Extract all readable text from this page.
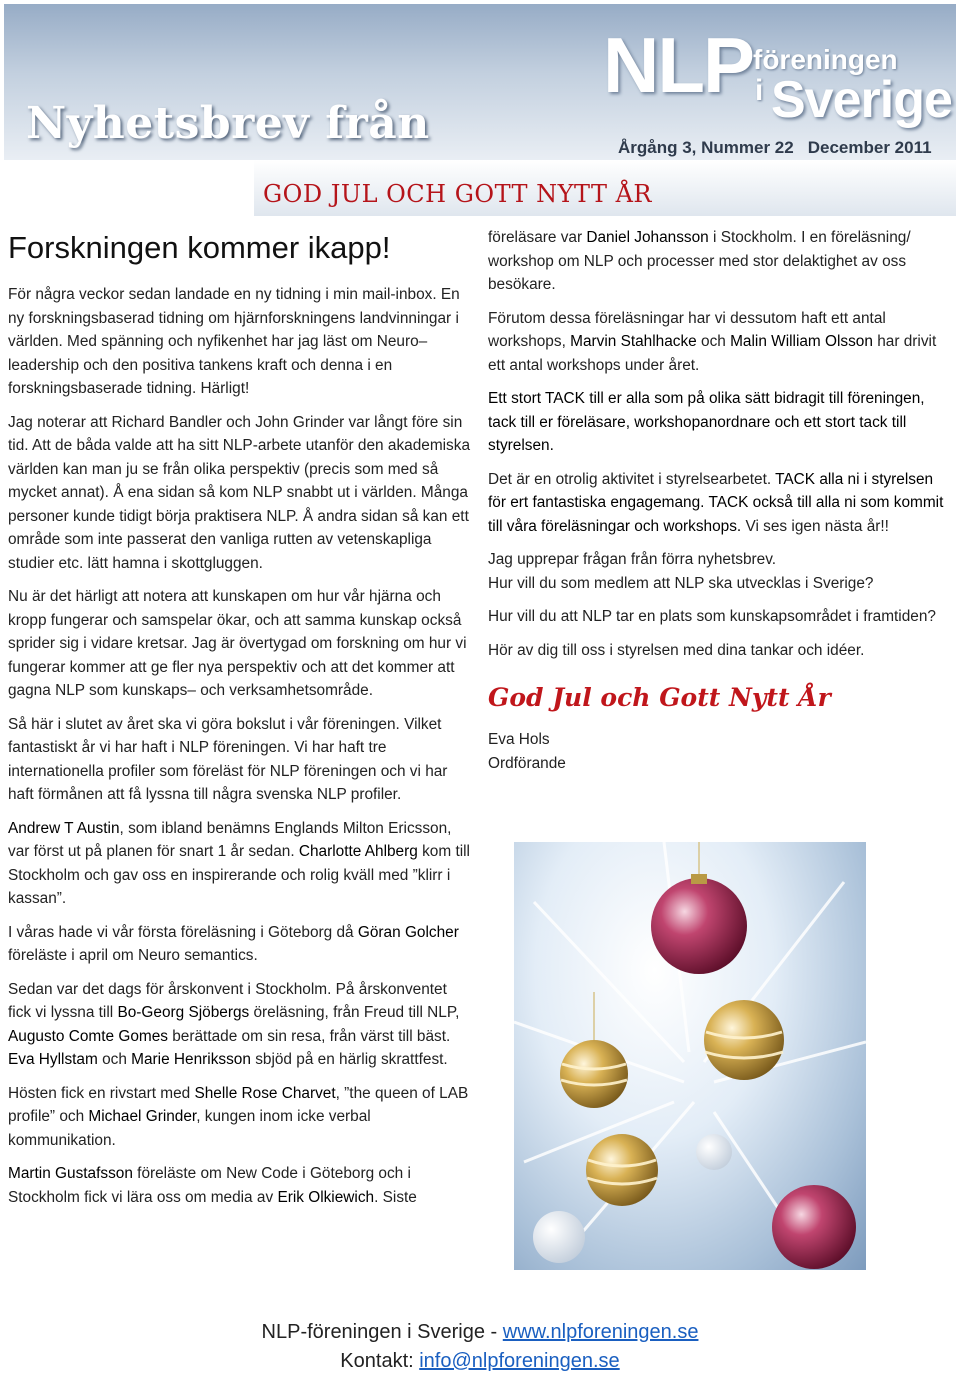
Nyhetsbrev från
NLP föreningen
i Sverige
Årgång 3, Nummer 22 December 2011
GOD JUL OCH GOTT NYTT ÅR
Forskningen kommer ikapp!

För några veckor sedan landade en ny tidning i min mail-inbox. En ny forskningsbaserad tidning om hjärnforskningens landvinningar i världen. Med spänning och nyfikenhet har jag läst om Neuro– leadership och den positiva tankens kraft och denna i en forskningsbaserade tidning. Härligt!

Jag noterar att Richard Bandler och John Grinder var långt före sin tid. Att de båda valde att ha sitt NLP-arbete utanför den akademiska världen kan man ju se från olika perspektiv (precis som med så mycket annat). Å ena sidan så kom NLP snabbt ut i världen. Många personer kunde tidigt börja praktisera NLP. Å andra sidan så kan ett område som inte passerat den vanliga rutten av vetenskapliga studier etc. lätt hamna i skottgluggen.

Nu är det härligt att notera att kunskapen om hur vår hjärna och kropp fungerar och samspelar ökar, och att samma kunskap också sprider sig i vidare kretsar. Jag är övertygad om forskning om hur vi fungerar kommer att ge fler nya perspektiv och att det kommer att gagna NLP som kunskaps– och verksamhetsområde.

Så här i slutet av året ska vi göra bokslut i vår föreningen. Vilket fantastiskt år vi har haft i NLP föreningen. Vi har haft tre internationella profiler som föreläst för NLP föreningen och vi har haft förmånen att få lyssna till några svenska NLP profiler.

Andrew T Austin, som ibland benämns Englands Milton Ericsson, var först ut på planen för snart 1 år sedan. Charlotte Ahlberg kom till Stockholm och gav oss en inspirerande och rolig kväll med ”klirr i kassan”.

I våras hade vi vår första föreläsning i Göteborg då Göran Golcher föreläste i april om Neuro semantics.

Sedan var det dags för årskonvent i Stockholm. På årskonventet fick vi lyssna till Bo-Georg Sjöbergs öreläsning, från Freud till NLP, Augusto Comte Gomes berättade om sin resa, från värst till bäst. Eva Hyllstam och Marie Henriksson sbjöd på en härlig skrattfest.

Hösten fick en rivstart med Shelle Rose Charvet, ”the queen of LAB profile” och Michael Grinder, kungen inom icke verbal kommunikation.

Martin Gustafsson föreläste om New Code i Göteborg och i Stockholm fick vi lära oss om media av Erik Olkiewich. Siste

föreläsare var Daniel Johansson i Stockholm. I en föreläsning/ workshop om NLP och processer med stor delaktighet av oss besökare.

Förutom dessa föreläsningar har vi dessutom haft ett antal workshops, Marvin Stahlhacke och Malin William Olsson har drivit ett antal workshops under året.

Ett stort TACK till er alla som på olika sätt bidragit till föreningen, tack till er föreläsare, workshopanordnare och ett stort tack till styrelsen.

Det är en otrolig aktivitet i styrelsearbetet. TACK alla ni i styrelsen för ert fantastiska engagemang. TACK också till alla ni som kommit till våra föreläsningar och workshops. Vi ses igen nästa år!!

Jag upprepar frågan från förra nyhetsbrev.
Hur vill du som medlem att NLP ska utvecklas i Sverige?

Hur vill du att NLP tar en plats som kunskapsområdet i framtiden?

Hör av dig till oss i styrelsen med dina tankar och idéer.

God Jul och Gott Nytt År
Eva Hols
Ordförande
NLP-föreningen i Sverige - www.nlpforeningen.se
Kontakt: info@nlpforeningen.se
